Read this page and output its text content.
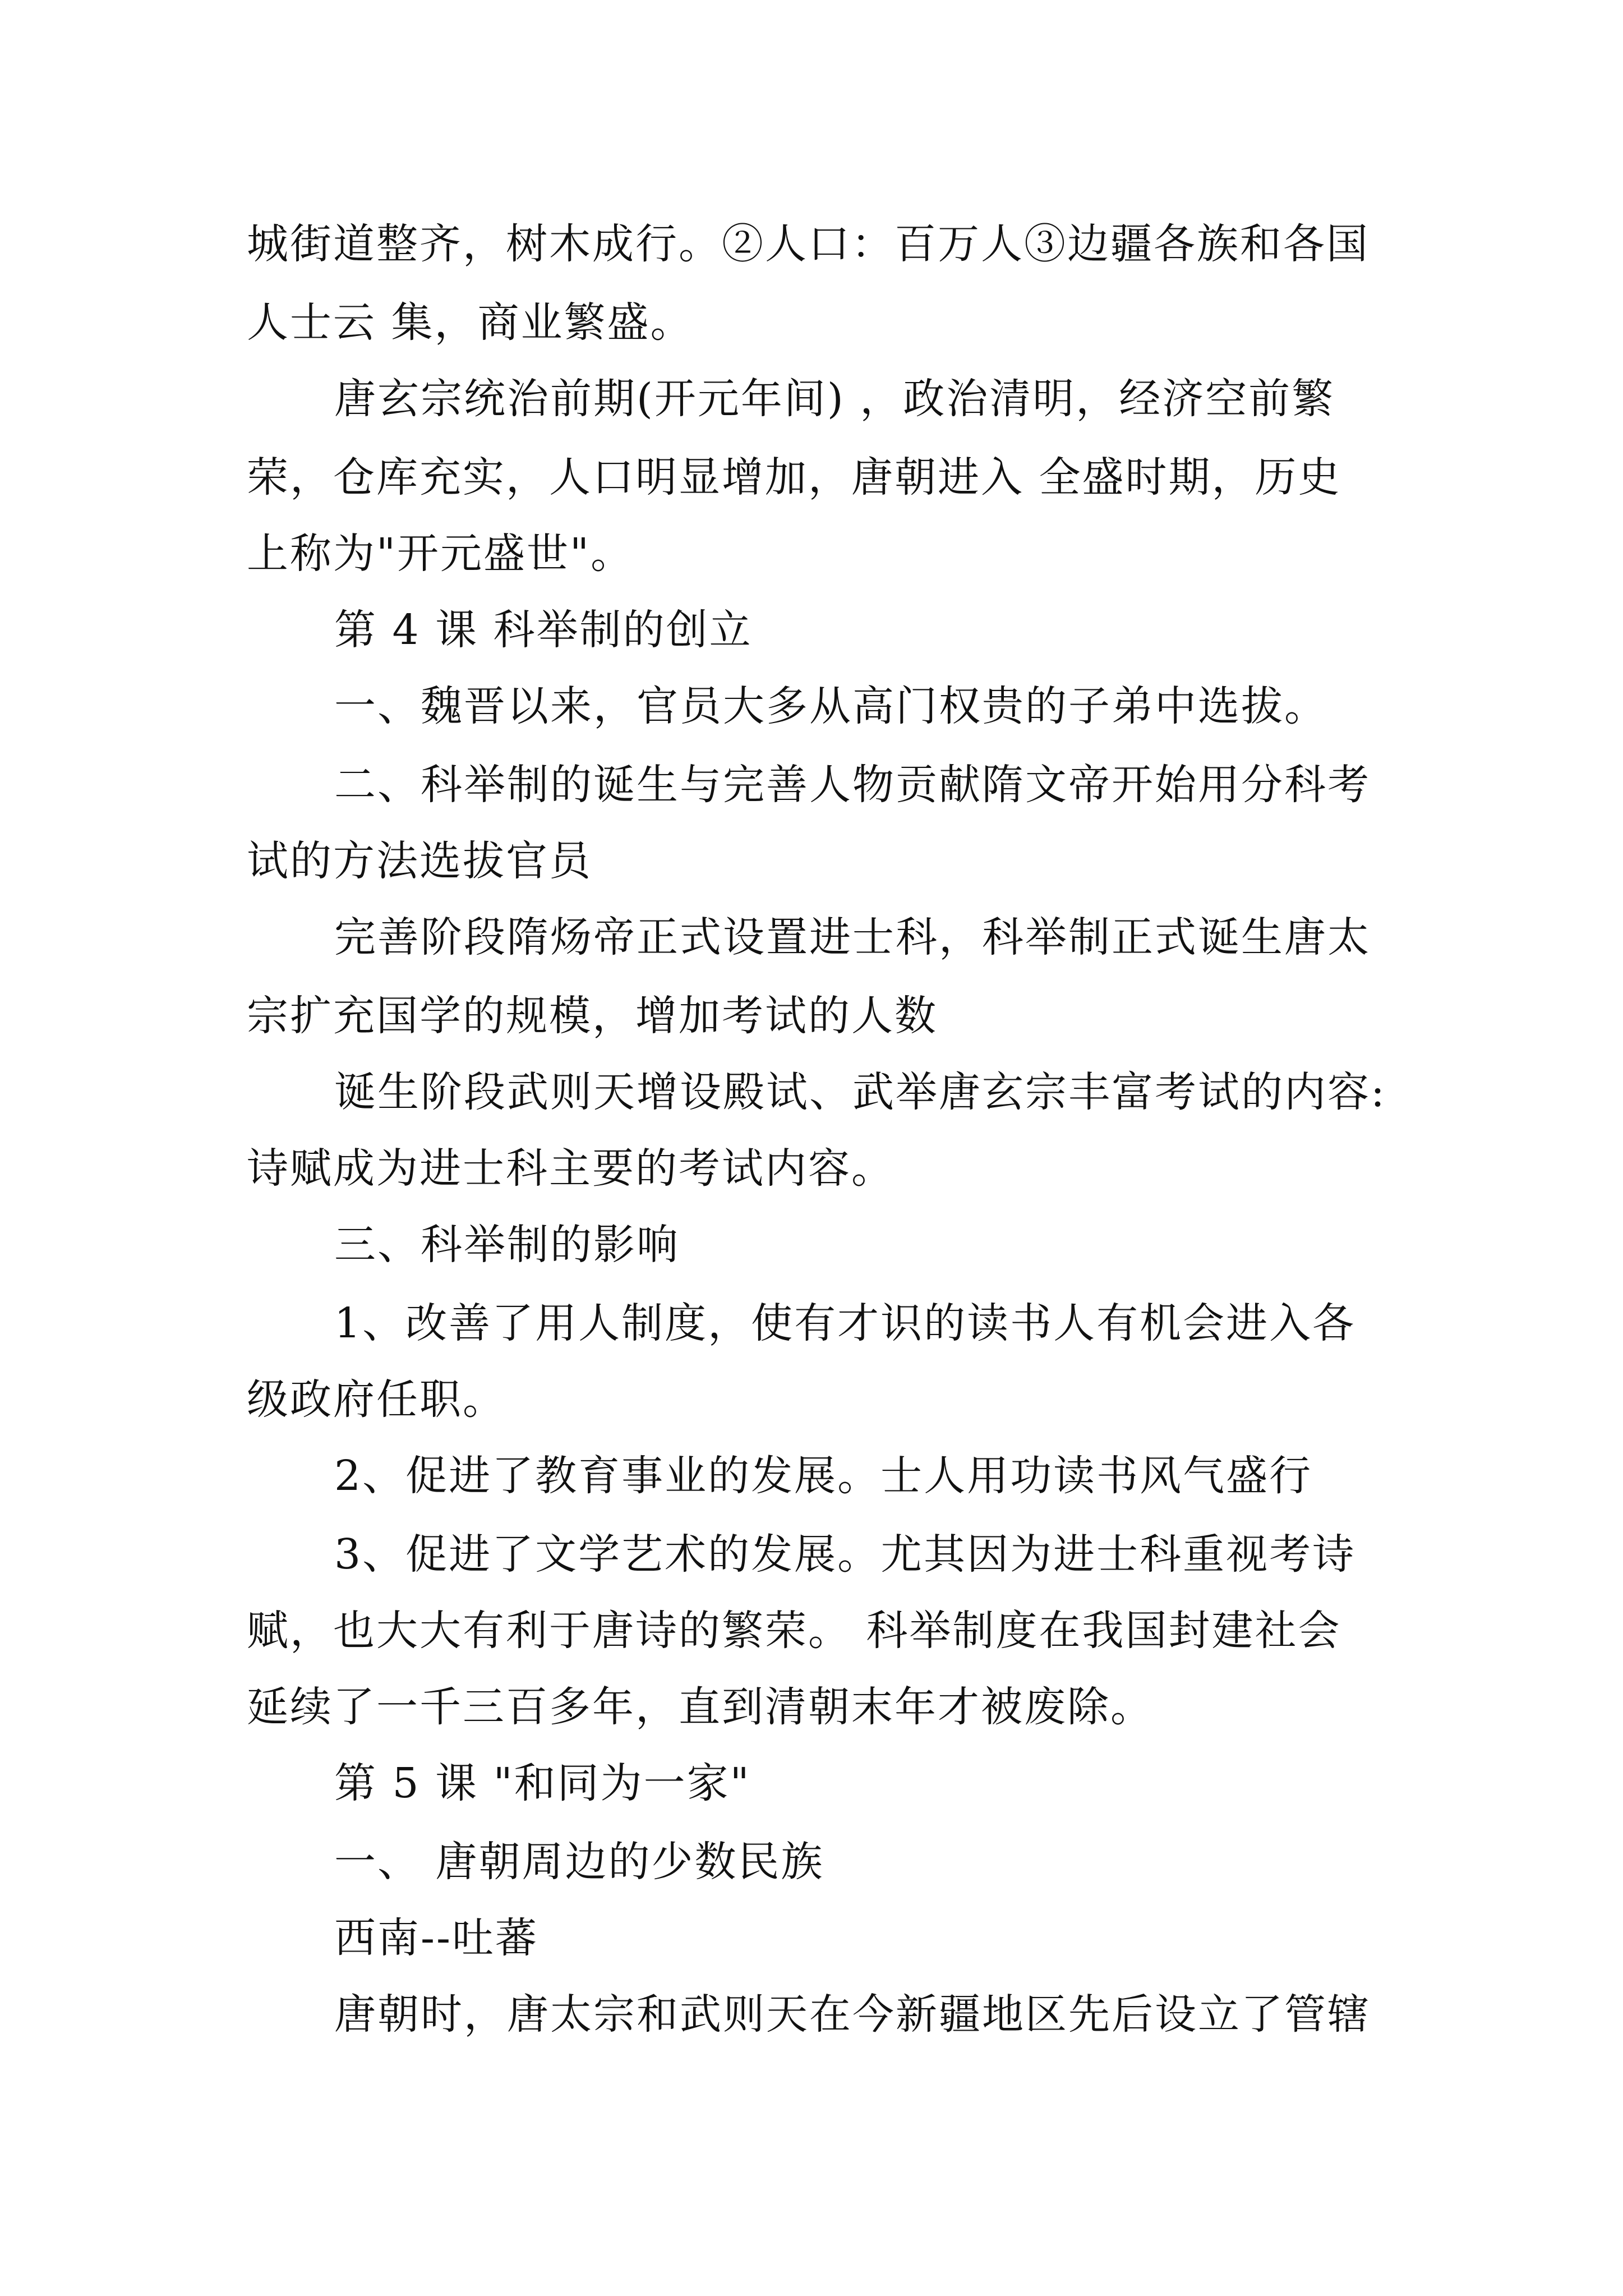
城街道整齐，树木成行。②人口：百万人③边疆各族和各国
人士云 集，商业繁盛。
唐玄宗统治前期(开元年间) ，政治清明，经济空前繁
荣，仓库充实，人口明显增加，唐朝进入 全盛时期，历史
上称为"开元盛世"。
第 4 课 科举制的创立
一、魏晋以来，官员大多从高门权贵的子弟中选拔。
二、科举制的诞生与完善人物贡献隋文帝开始用分科考
试的方法选拔官员
完善阶段隋炀帝正式设置进士科，科举制正式诞生唐太
宗扩充国学的规模，增加考试的人数
诞生阶段武则天增设殿试、武举唐玄宗丰富考试的内容:
诗赋成为进士科主要的考试内容。
三、科举制的影响
1、改善了用人制度，使有才识的读书人有机会进入各
级政府任职。
2、促进了教育事业的发展。士人用功读书风气盛行
3、促进了文学艺术的发展。尤其因为进士科重视考诗
赋，也大大有利于唐诗的繁荣。 科举制度在我国封建社会
延续了一千三百多年，直到清朝末年才被废除。
第 5 课 "和同为一家"
一、 唐朝周边的少数民族
西南--吐蕃
唐朝时，唐太宗和武则天在今新疆地区先后设立了管辖
